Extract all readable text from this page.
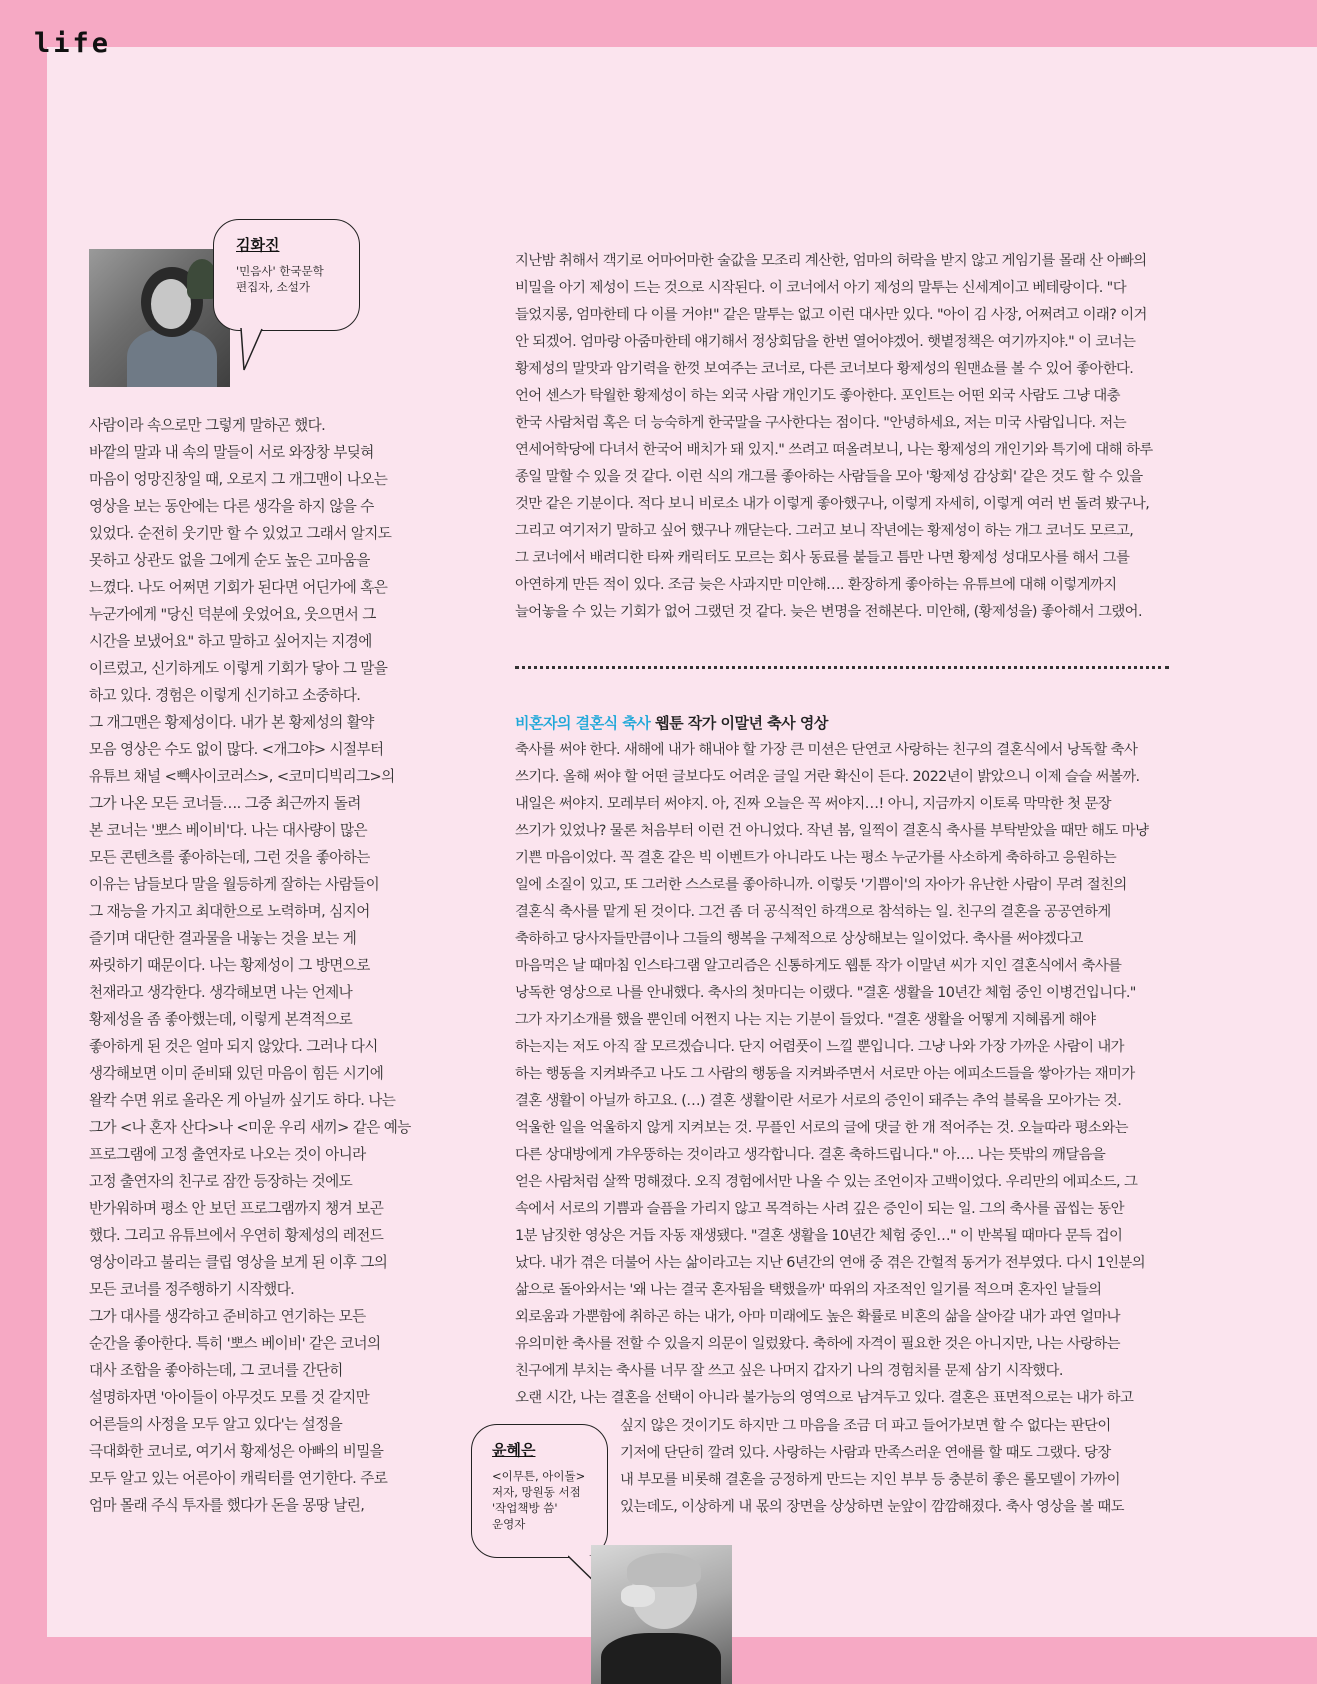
life
김화진
'민음사' 한국문학
편집자, 소설가

사람이라 속으로만 그렇게 말하곤 했다.

바깥의 말과 내 속의 말들이 서로 와장창 부딪혀

마음이 엉망진창일 때, 오로지 그 개그맨이 나오는

영상을 보는 동안에는 다른 생각을 하지 않을 수

있었다. 순전히 웃기만 할 수 있었고 그래서 알지도

못하고 상관도 없을 그에게 순도 높은 고마움을

느꼈다. 나도 어쩌면 기회가 된다면 어딘가에 혹은

누군가에게 "당신 덕분에 웃었어요, 웃으면서 그

시간을 보냈어요" 하고 말하고 싶어지는 지경에

이르렀고, 신기하게도 이렇게 기회가 닿아 그 말을

하고 있다. 경험은 이렇게 신기하고 소중하다.

그 개그맨은 황제성이다. 내가 본 황제성의 활약

모음 영상은 수도 없이 많다. <개그야> 시절부터

유튜브 채널 <빽사이코러스>, <코미디빅리그>의

그가 나온 모든 코너들…. 그중 최근까지 돌려

본 코너는 '뽀스 베이비'다. 나는 대사량이 많은

모든 콘텐츠를 좋아하는데, 그런 것을 좋아하는

이유는 남들보다 말을 월등하게 잘하는 사람들이

그 재능을 가지고 최대한으로 노력하며, 심지어

즐기며 대단한 결과물을 내놓는 것을 보는 게

짜릿하기 때문이다. 나는 황제성이 그 방면으로

천재라고 생각한다. 생각해보면 나는 언제나

황제성을 좀 좋아했는데, 이렇게 본격적으로

좋아하게 된 것은 얼마 되지 않았다. 그러나 다시

생각해보면 이미 준비돼 있던 마음이 힘든 시기에

왈칵 수면 위로 올라온 게 아닐까 싶기도 하다. 나는

그가 <나 혼자 산다>나 <미운 우리 새끼> 같은 예능

프로그램에 고정 출연자로 나오는 것이 아니라

고정 출연자의 친구로 잠깐 등장하는 것에도

반가워하며 평소 안 보던 프로그램까지 챙겨 보곤

했다. 그리고 유튜브에서 우연히 황제성의 레전드

영상이라고 불리는 클립 영상을 보게 된 이후 그의

모든 코너를 정주행하기 시작했다.

그가 대사를 생각하고 준비하고 연기하는 모든

순간을 좋아한다. 특히 '뽀스 베이비' 같은 코너의

대사 조합을 좋아하는데, 그 코너를 간단히

설명하자면 '아이들이 아무것도 모를 것 같지만

어른들의 사정을 모두 알고 있다'는 설정을

극대화한 코너로, 여기서 황제성은 아빠의 비밀을

모두 알고 있는 어른아이 캐릭터를 연기한다. 주로

엄마 몰래 주식 투자를 했다가 돈을 몽땅 날린,

지난밤 취해서 객기로 어마어마한 술값을 모조리 계산한, 엄마의 허락을 받지 않고 게임기를 몰래 산 아빠의

비밀을 아기 제성이 드는 것으로 시작된다. 이 코너에서 아기 제성의 말투는 신세계이고 베테랑이다. "다

들었지롱, 엄마한테 다 이를 거야!" 같은 말투는 없고 이런 대사만 있다. "아이 김 사장, 어쩌려고 이래? 이거

안 되겠어. 엄마랑 아줌마한테 얘기해서 정상회담을 한번 열어야겠어. 햇볕정책은 여기까지야." 이 코너는

황제성의 말맛과 암기력을 한껏 보여주는 코너로, 다른 코너보다 황제성의 원맨쇼를 볼 수 있어 좋아한다.

언어 센스가 탁월한 황제성이 하는 외국 사람 개인기도 좋아한다. 포인트는 어떤 외국 사람도 그냥 대충

한국 사람처럼 혹은 더 능숙하게 한국말을 구사한다는 점이다. "안녕하세요, 저는 미국 사람입니다. 저는

연세어학당에 다녀서 한국어 배치가 돼 있지." 쓰려고 떠올려보니, 나는 황제성의 개인기와 특기에 대해 하루

종일 말할 수 있을 것 같다. 이런 식의 개그를 좋아하는 사람들을 모아 '황제성 감상회' 같은 것도 할 수 있을

것만 같은 기분이다. 적다 보니 비로소 내가 이렇게 좋아했구나, 이렇게 자세히, 이렇게 여러 번 돌려 봤구나,

그리고 여기저기 말하고 싶어 했구나 깨닫는다. 그러고 보니 작년에는 황제성이 하는 개그 코너도 모르고,

그 코너에서 배려디한 타짜 캐릭터도 모르는 회사 동료를 붙들고 틈만 나면 황제성 성대모사를 해서 그를

아연하게 만든 적이 있다. 조금 늦은 사과지만 미안해…. 환장하게 좋아하는 유튜브에 대해 이렇게까지

늘어놓을 수 있는 기회가 없어 그랬던 것 같다. 늦은 변명을 전해본다. 미안해, (황제성을) 좋아해서 그랬어.

비혼자의 결혼식 축사 웹툰 작가 이말년 축사 영상

축사를 써야 한다. 새해에 내가 해내야 할 가장 큰 미션은 단연코 사랑하는 친구의 결혼식에서 낭독할 축사

쓰기다. 올해 써야 할 어떤 글보다도 어려운 글일 거란 확신이 든다. 2022년이 밝았으니 이제 슬슬 써볼까.

내일은 써야지. 모레부터 써야지. 아, 진짜 오늘은 꼭 써야지…! 아니, 지금까지 이토록 막막한 첫 문장

쓰기가 있었나? 물론 처음부터 이런 건 아니었다. 작년 봄, 일찍이 결혼식 축사를 부탁받았을 때만 해도 마냥

기쁜 마음이었다. 꼭 결혼 같은 빅 이벤트가 아니라도 나는 평소 누군가를 사소하게 축하하고 응원하는

일에 소질이 있고, 또 그러한 스스로를 좋아하니까. 이렇듯 '기쁨이'의 자아가 유난한 사람이 무려 절친의

결혼식 축사를 맡게 된 것이다. 그건 좀 더 공식적인 하객으로 참석하는 일. 친구의 결혼을 공공연하게

축하하고 당사자들만큼이나 그들의 행복을 구체적으로 상상해보는 일이었다. 축사를 써야겠다고

마음먹은 날 때마침 인스타그램 알고리즘은 신통하게도 웹툰 작가 이말년 씨가 지인 결혼식에서 축사를

낭독한 영상으로 나를 안내했다. 축사의 첫마디는 이랬다. "결혼 생활을 10년간 체험 중인 이병건입니다."

그가 자기소개를 했을 뿐인데 어쩐지 나는 지는 기분이 들었다. "결혼 생활을 어떻게 지혜롭게 해야

하는지는 저도 아직 잘 모르겠습니다. 단지 어렴풋이 느낄 뿐입니다. 그냥 나와 가장 가까운 사람이 내가

하는 행동을 지켜봐주고 나도 그 사람의 행동을 지켜봐주면서 서로만 아는 에피소드들을 쌓아가는 재미가

결혼 생활이 아닐까 하고요. (…) 결혼 생활이란 서로가 서로의 증인이 돼주는 추억 블록을 모아가는 것.

억울한 일을 억울하지 않게 지켜보는 것. 무플인 서로의 글에 댓글 한 개 적어주는 것. 오늘따라 평소와는

다른 상대방에게 갸우뚱하는 것이라고 생각합니다. 결혼 축하드립니다." 아…. 나는 뜻밖의 깨달음을

얻은 사람처럼 살짝 멍해졌다. 오직 경험에서만 나올 수 있는 조언이자 고백이었다. 우리만의 에피소드, 그

속에서 서로의 기쁨과 슬픔을 가리지 않고 목격하는 사려 깊은 증인이 되는 일. 그의 축사를 곱씹는 동안

1분 남짓한 영상은 거듭 자동 재생됐다. "결혼 생활을 10년간 체험 중인…" 이 반복될 때마다 문득 겁이

났다. 내가 겪은 더불어 사는 삶이라고는 지난 6년간의 연애 중 겪은 간헐적 동거가 전부였다. 다시 1인분의

삶으로 돌아와서는 '왜 나는 결국 혼자됨을 택했을까' 따위의 자조적인 일기를 적으며 혼자인 날들의

외로움과 가뿐함에 취하곤 하는 내가, 아마 미래에도 높은 확률로 비혼의 삶을 살아갈 내가 과연 얼마나

유의미한 축사를 전할 수 있을지 의문이 일렀왔다. 축하에 자격이 필요한 것은 아니지만, 나는 사랑하는

친구에게 부치는 축사를 너무 잘 쓰고 싶은 나머지 갑자기 나의 경험치를 문제 삼기 시작했다.

오랜 시간, 나는 결혼을 선택이 아니라 불가능의 영역으로 남겨두고 있다. 결혼은 표면적으로는 내가 하고

싶지 않은 것이기도 하지만 그 마음을 조금 더 파고 들어가보면 할 수 없다는 판단이

기저에 단단히 깔려 있다. 사랑하는 사람과 만족스러운 연애를 할 때도 그랬다. 당장

내 부모를 비롯해 결혼을 긍정하게 만드는 지인 부부 등 충분히 좋은 롤모델이 가까이

있는데도, 이상하게 내 몫의 장면을 상상하면 눈앞이 깜깜해졌다. 축사 영상을 볼 때도

윤혜은
<이무튼, 아이돌>
저자, 망원동 서점
'작업책방 씀'
운영자
